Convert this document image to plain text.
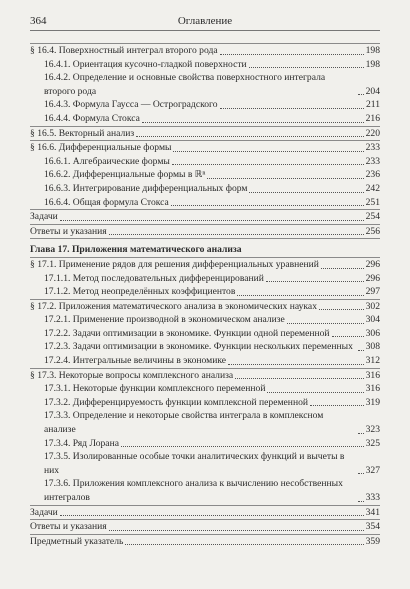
364	Оглавление
§ 16.4. Поверхностный интеграл второго рода	198
16.4.1. Ориентация кусочно-гладкой поверхности	198
16.4.2. Определение и основные свойства поверхностного интеграла второго рода	204
16.4.3. Формула Гаусса — Остроградского	211
16.4.4. Формула Стокса	216
§ 16.5. Векторный анализ	220
§ 16.6. Дифференциальные формы	233
16.6.1. Алгебраические формы	233
16.6.2. Дифференциальные формы в ℝⁿ	236
16.6.3. Интегрирование дифференциальных форм	242
16.6.4. Общая формула Стокса	251
Задачи	254
Ответы и указания	256
Глава 17. Приложения математического анализа
§ 17.1. Применение рядов для решения дифференциальных уравнений	296
17.1.1. Метод последовательных дифференцирований	296
17.1.2. Метод неопределённых коэффициентов	297
§ 17.2. Приложения математического анализа в экономических науках	302
17.2.1. Применение производной в экономическом анализе	304
17.2.2. Задачи оптимизации в экономике. Функции одной переменной	306
17.2.3. Задачи оптимизации в экономике. Функции нескольких переменных 308
17.2.4. Интегральные величины в экономике	312
§ 17.3. Некоторые вопросы комплексного анализа	316
17.3.1. Некоторые функции комплексного переменной	316
17.3.2. Дифференцируемость функции комплексной переменной	319
17.3.3. Определение и некоторые свойства интеграла в комплексном анализе	323
17.3.4. Ряд Лорана	325
17.3.5. Изолированные особые точки аналитических функций и вычеты в них	327
17.3.6. Приложения комплексного анализа к вычислению несобственных интегралов	333
Задачи	341
Ответы и указания	354
Предметный указатель	359
